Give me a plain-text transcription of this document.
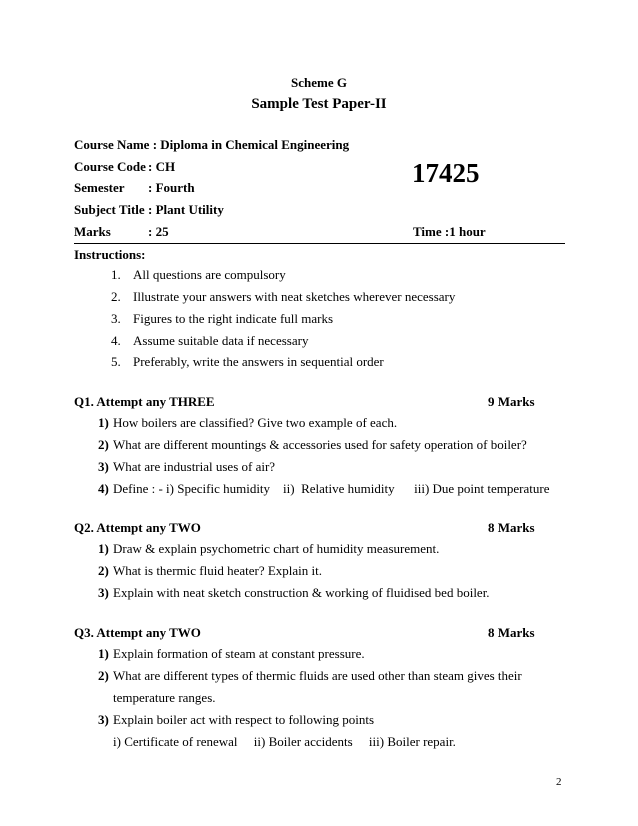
Scheme G
Sample Test Paper-II
Course Name : Diploma in Chemical Engineering
Course Code : CH
Semester : Fourth
Subject Title : Plant Utility
Marks	: 25
17425
Time :1 hour
Instructions:
1. All questions are compulsory
2. Illustrate your answers with neat sketches wherever necessary
3. Figures to the right indicate full marks
4. Assume suitable data if necessary
5. Preferably, write the answers in sequential order
Q1. Attempt any THREE	9 Marks
1) How boilers are classified? Give two example of each.
2) What are different mountings & accessories used for safety operation of boiler?
3) What are industrial uses of air?
4) Define : - i) Specific humidity    ii)  Relative humidity      iii) Due point temperature
Q2. Attempt any TWO	8 Marks
1) Draw & explain psychometric chart of humidity measurement.
2) What is thermic fluid heater? Explain it.
3) Explain with neat sketch construction & working of fluidised bed boiler.
Q3. Attempt any TWO	8 Marks
1) Explain formation of steam at constant pressure.
2) What are different types of thermic fluids are used other than steam gives their
temperature ranges.
3) Explain boiler act with respect to following points
i) Certificate of renewal     ii) Boiler accidents     iii) Boiler repair.
2
